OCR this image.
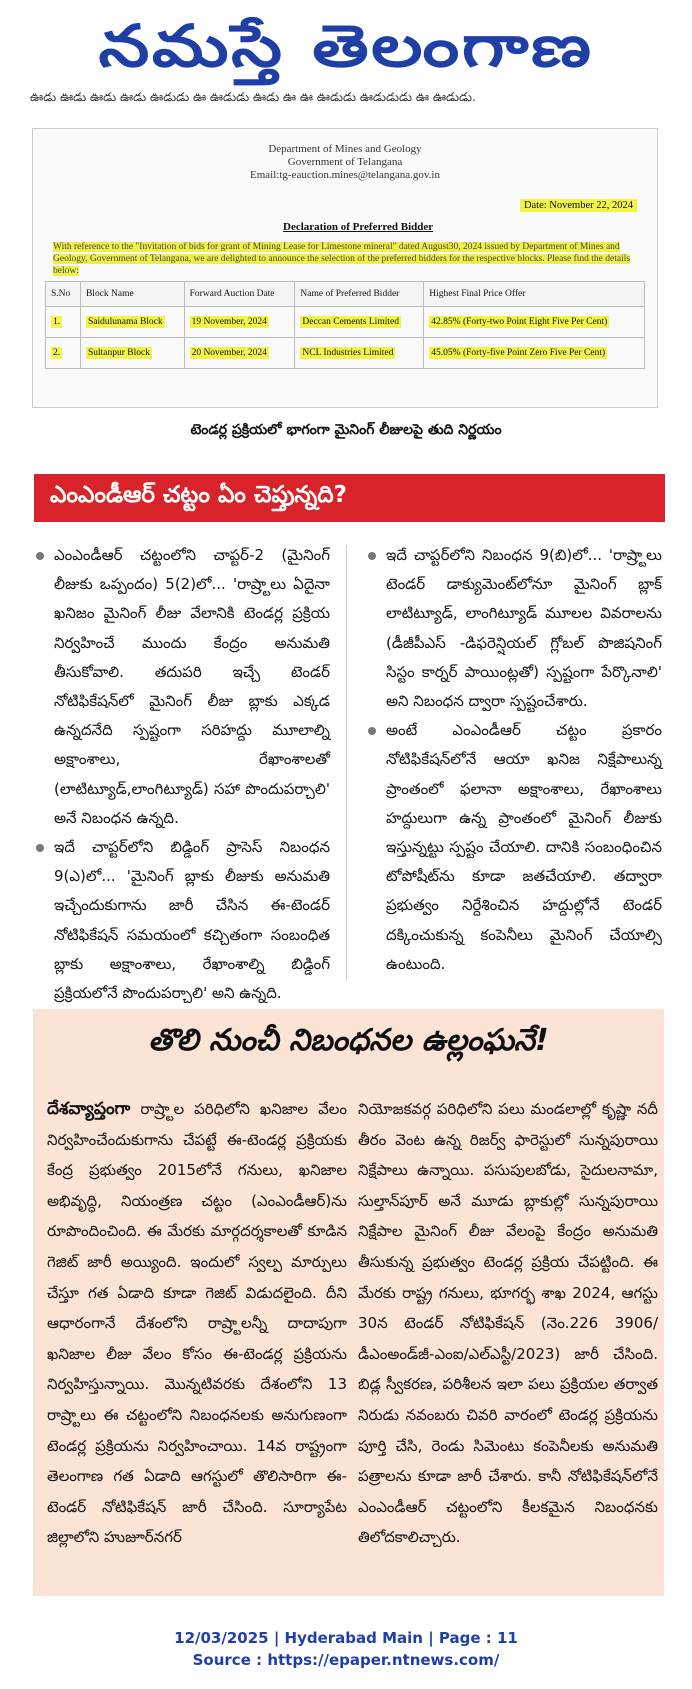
నమస్తే తెలంగాణ
ఊడు ఊడు ఊడు ఊడు ఊడుడు ఊ ఊడుడు ఊడు ఊ ఊ ఊడుడు ఊడుడుడు ఊ ఊడుడు.
Department of Mines and Geology
Government of Telangana
Email:tg-eauction.mines@telangana.gov.in
Date: November 22, 2024
Declaration of Preferred Bidder
With reference to the "Invitation of bids for grant of Mining Lease for Limestone mineral" dated August30, 2024 issued by Department of Mines and Geology, Government of Telangana, we are delighted to announce the selection of the preferred bidders for the respective blocks. Please find the details below:
S.No	Block Name	Forward Auction Date	Name of Preferred Bidder	Highest Final Price Offer
1.	Saidulunama Block	19 November, 2024	Deccan Cements Limited	42.85% (Forty-two Point Eight Five Per Cent)
2.	Sultanpur Block	20 November, 2024	NCL Industries Limited	45.05% (Forty-five Point Zero Five Per Cent)
టెండర్ల ప్రక్రియలో భాగంగా మైనింగ్ లీజులపై తుది నిర్ణయం
ఎంఎండీఆర్ చట్టం ఏం చెప్తున్నది?
ఎంఎండీఆర్ చట్టంలోని చాప్టర్-2 (మైనింగ్ లీజుకు ఒప్పందం) 5(2)లో... 'రాష్ర్టాలు ఏదైనా ఖనిజం మైనింగ్ లీజు వేలానికి టెండర్ల ప్రక్రియ నిర్వహించే ముందు కేంద్రం అనుమతి తీసుకోవాలి. తదుపరి ఇచ్చే టెండర్ నోటిఫికేషన్‌లో మైనింగ్ లీజు బ్లాకు ఎక్కడ ఉన్నదనేది స్పష్టంగా సరిహద్దు మూలాల్ని అక్షాంశాలు, రేఖాంశాలతో (లాటిట్యూడ్,లాంగిట్యూడ్) సహా పొందుపర్చాలి' అనే నిబంధన ఉన్నది.
ఇదే చాప్టర్‌లోని బిడ్డింగ్ ప్రాసెస్ నిబంధన 9(ఎ)లో... 'మైనింగ్ బ్లాకు లీజుకు అనుమతి ఇచ్చేందుకుగాను జారీ చేసిన ఈ-టెండర్ నోటిఫికేషన్ సమయంలో కచ్చితంగా సంబంధిత బ్లాకు అక్షాంశాలు, రేఖాంశాల్ని బిడ్డింగ్ ప్రక్రియలోనే పొందుపర్చాలి' అని ఉన్నది.
ఇదే చాప్టర్‌లోని నిబంధన 9(బి)లో... 'రాష్ర్టాలు టెండర్ డాక్యుమెంట్‌లోనూ మైనింగ్ బ్లాక్ లాటిట్యూడ్, లాంగిట్యూడ్ మూలల వివరాలను (డీజీపీఎస్ -డిఫరెన్షియల్ గ్లోబల్ పొజిషనింగ్ సిస్టం కార్నర్ పాయింట్లతో) స్పష్టంగా పేర్కొనాలి' అని నిబంధన ద్వారా స్పష్టంచేశారు.
అంటే ఎంఎండీఆర్ చట్టం ప్రకారం నోటిఫికేషన్‌లోనే ఆయా ఖనిజ నిక్షేపాలున్న ప్రాంతంలో ఫలానా అక్షాంశాలు, రేఖాంశాలు హద్దులుగా ఉన్న ప్రాంతంలో మైనింగ్ లీజుకు ఇస్తున్నట్టు స్పష్టం చేయాలి. దానికి సంబంధించిన టోపోషీట్‌ను కూడా జతచేయాలి. తద్వారా ప్రభుత్వం నిర్దేశించిన హద్దుల్లోనే టెండర్ దక్కించుకున్న కంపెనీలు మైనింగ్ చేయాల్సి ఉంటుంది.
తొలి నుంచీ నిబంధనల ఉల్లంఘనే!
దేశవ్యాప్తంగా రాష్ర్టాల పరిధిలోని ఖనిజాల వేలం నిర్వహించేందుకుగాను చేపట్టే ఈ-టెండర్ల ప్రక్రియకు కేంద్ర ప్రభుత్వం 2015లోనే గనులు, ఖనిజాల అభివృద్ధి, నియంత్రణ చట్టం (ఎంఎండీఆర్)ను రూపొందించింది. ఈ మేరకు మార్గదర్శకాలతో కూడిన గెజిట్ జారీ అయ్యింది. ఇందులో స్వల్ప మార్పులు చేస్తూ గత ఏడాది కూడా గెజిట్ విడుదలైంది. దీని ఆధారంగానే దేశంలోని రాష్ర్టాలన్నీ దాదాపుగా ఖనిజాల లీజు వేలం కోసం ఈ-టెండర్ల ప్రక్రియను నిర్వహిస్తున్నాయి. మొన్నటివరకు దేశంలోని 13 రాష్ర్టాలు ఈ చట్టంలోని నిబంధనలకు అనుగుణంగా టెండర్ల ప్రక్రియను నిర్వహించాయి. 14వ రాష్ట్రంగా తెలంగాణ గత ఏడాది ఆగస్టులో తొలిసారిగా ఈ-టెండర్ నోటిఫికేషన్ జారీ చేసింది. సూర్యాపేట జిల్లాలోని హుజూర్‌నగర్
నియోజకవర్గ పరిధిలోని పలు మండలాల్లో కృష్ణా నదీ తీరం వెంట ఉన్న రిజర్వ్ ఫారెస్టులో సున్నపురాయి నిక్షేపాలు ఉన్నాయి. పసుపులబోడు, సైదులనామా, సుల్తాన్‌పూర్ అనే మూడు బ్లాకుల్లో సున్నపురాయి నిక్షేపాల మైనింగ్ లీజు వేలంపై కేంద్రం అనుమతి తీసుకున్న ప్రభుత్వం టెండర్ల ప్రక్రియ చేపట్టింది. ఈ మేరకు రాష్ట్ర గనులు, భూగర్భ శాఖ 2024, ఆగస్టు 30న టెండర్ నోటిఫికేషన్ (నెం.226 3906/డీఎంఅండ్‌జీ-ఎంఐ/ఎల్‌ఎస్టీ/2023) జారీ చేసింది. బిడ్ల స్వీకరణ, పరిశీలన ఇలా పలు ప్రక్రియల తర్వాత నిరుడు నవంబరు చివరి వారంలో టెండర్ల ప్రక్రియను పూర్తి చేసి, రెండు సిమెంటు కంపెనీలకు అనుమతి పత్రాలను కూడా జారీ చేశారు. కానీ నోటిఫికేషన్‌లోనే ఎంఎండీఆర్ చట్టంలోని కీలకమైన నిబంధనకు తిలోదకాలిచ్చారు.
12/03/2025 | Hyderabad Main | Page : 11
Source : https://epaper.ntnews.com/
